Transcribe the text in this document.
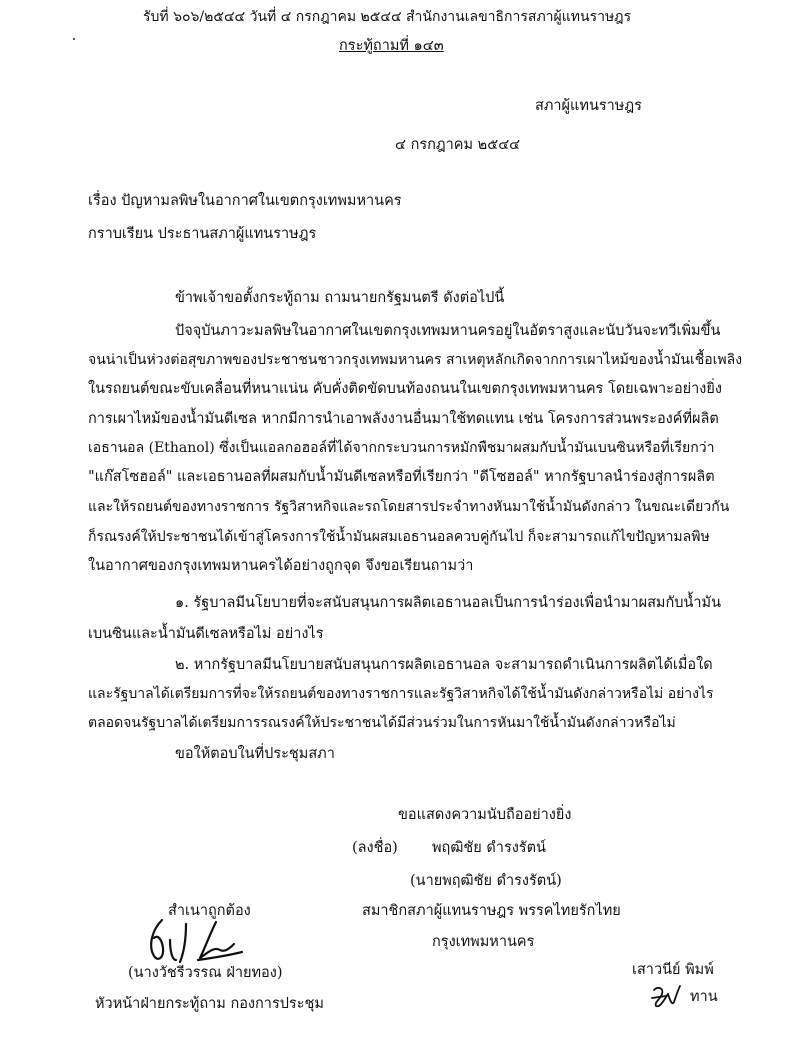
รับที่ ๖๐๖/๒๕๔๔ วันที่ ๔ กรกฎาคม ๒๕๔๔ สำนักงานเลขาธิการสภาผู้แทนราษฎร
กระทู้ถามที่ ๑๔๓
สภาผู้แทนราษฎร
๔ กรกฎาคม ๒๕๔๔
เรื่อง ปัญหามลพิษในอากาศในเขตกรุงเทพมหานคร
กราบเรียน ประธานสภาผู้แทนราษฎร
ข้าพเจ้าขอตั้งกระทู้ถาม ถามนายกรัฐมนตรี ดังต่อไปนี้
ปัจจุบันภาวะมลพิษในอากาศในเขตกรุงเทพมหานครอยู่ในอัตราสูงและนับวันจะทวีเพิ่มขึ้น
จนน่าเป็นห่วงต่อสุขภาพของประชาชนชาวกรุงเทพมหานคร สาเหตุหลักเกิดจากการเผาไหม้ของน้ำมันเชื้อเพลิง
ในรถยนต์ขณะขับเคลื่อนที่หนาแน่น คับคั่งติดขัดบนท้องถนนในเขตกรุงเทพมหานคร โดยเฉพาะอย่างยิ่ง
การเผาไหม้ของน้ำมันดีเซล หากมีการนำเอาพลังงานอื่นมาใช้ทดแทน เช่น โครงการส่วนพระองค์ที่ผลิต
เอธานอล (Ethanol) ซึ่งเป็นแอลกอฮอล์ที่ได้จากกระบวนการหมักพืชมาผสมกับน้ำมันเบนซินหรือที่เรียกว่า
"แก๊สโซฮอล์" และเอธานอลที่ผสมกับน้ำมันดีเซลหรือที่เรียกว่า "ดีโซฮอล์" หากรัฐบาลนำร่องสู่การผลิต
และให้รถยนต์ของทางราชการ รัฐวิสาหกิจและรถโดยสารประจำทางหันมาใช้น้ำมันดังกล่าว ในขณะเดียวกัน
ก็รณรงค์ให้ประชาชนได้เข้าสู่โครงการใช้น้ำมันผสมเอธานอลควบคู่กันไป ก็จะสามารถแก้ไขปัญหามลพิษ
ในอากาศของกรุงเทพมหานครได้อย่างถูกจุด จึงขอเรียนถามว่า
๑. รัฐบาลมีนโยบายที่จะสนับสนุนการผลิตเอธานอลเป็นการนำร่องเพื่อนำมาผสมกับน้ำมัน
เบนซินและน้ำมันดีเซลหรือไม่ อย่างไร
๒. หากรัฐบาลมีนโยบายสนับสนุนการผลิตเอธานอล จะสามารถดำเนินการผลิตได้เมื่อใด
และรัฐบาลได้เตรียมการที่จะให้รถยนต์ของทางราชการและรัฐวิสาหกิจได้ใช้น้ำมันดังกล่าวหรือไม่ อย่างไร
ตลอดจนรัฐบาลได้เตรียมการรณรงค์ให้ประชาชนได้มีส่วนร่วมในการหันมาใช้น้ำมันดังกล่าวหรือไม่
ขอให้ตอบในที่ประชุมสภา
ขอแสดงความนับถืออย่างยิ่ง
(ลงชื่อ) พฤฒิชัย ดำรงรัตน์
(นายพฤฒิชัย ดำรงรัตน์)
สมาชิกสภาผู้แทนราษฎร พรรคไทยรักไทย
กรุงเทพมหานคร
สำเนาถูกต้อง
(นางวัชรีวรรณ ฝ่ายทอง)
หัวหน้าฝ่ายกระทู้ถาม กองการประชุม
เสาวนีย์ พิมพ์
ทาน
